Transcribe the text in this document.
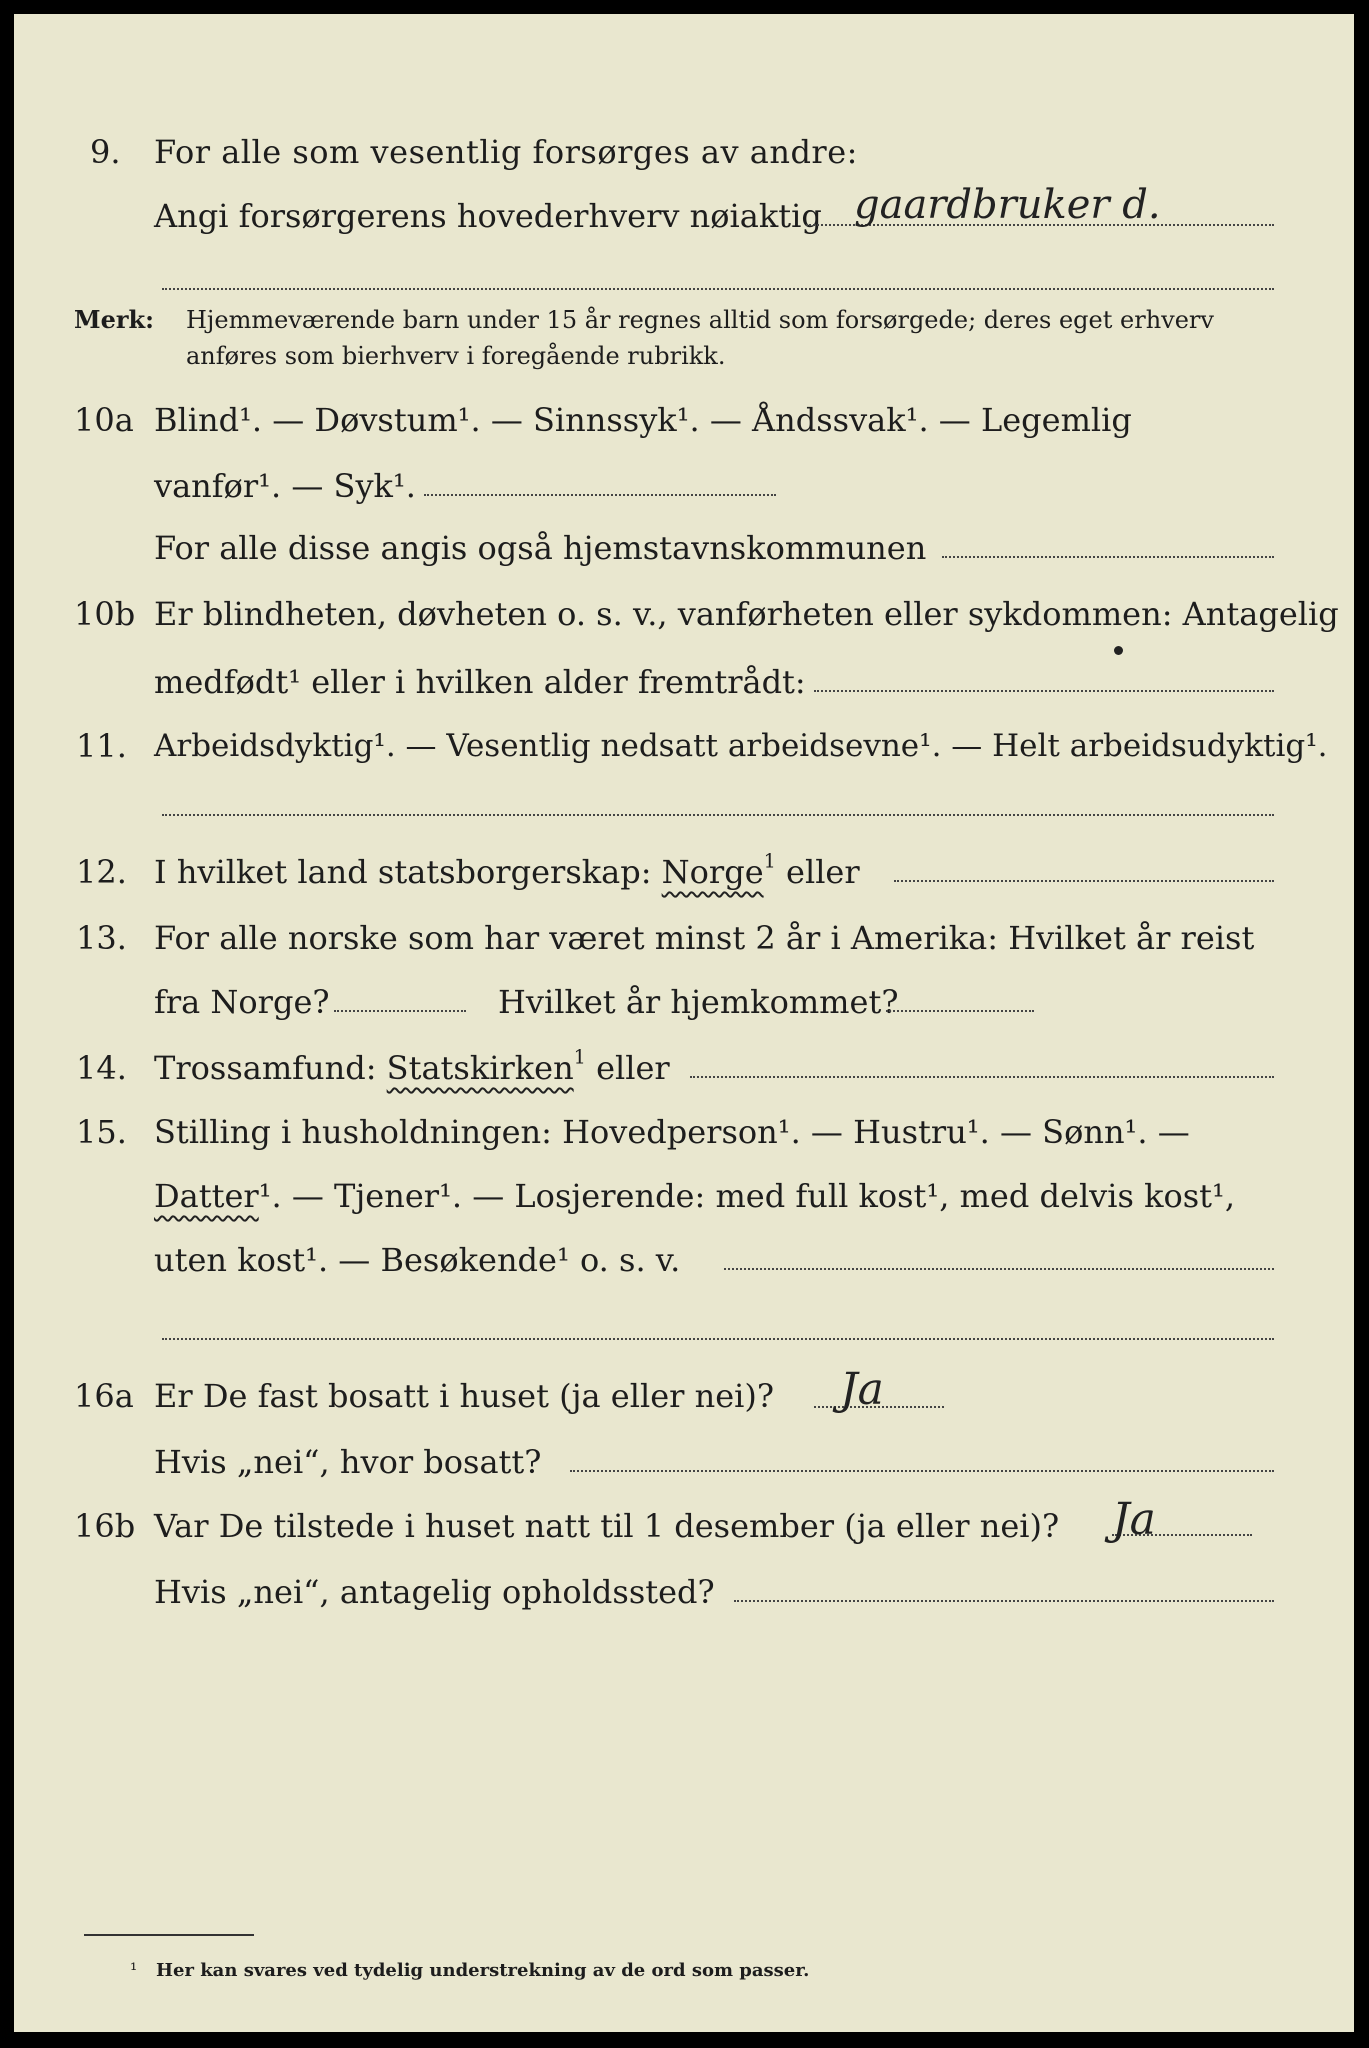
9. For alle som vesentlig forsørges av andre:
Angi forsørgerens hovederhverv nøiaktig gaardbruker d.
Merk: Hjemmeværende barn under 15 år regnes alltid som forsørgede; deres eget erhverv
anføres som bierhverv i foregående rubrikk.
10a Blind¹. — Døvstum¹. — Sinnssyk¹. — Åndssvak¹. — Legemlig
vanfør¹. — Syk¹.
For alle disse angis også hjemstavnskommunen
10b Er blindheten, døvheten o. s. v., vanførheten eller sykdommen: Antagelig
medfødt¹ eller i hvilken alder fremtrådt:
11. Arbeidsdyktig¹. — Vesentlig nedsatt arbeidsevne¹. — Helt arbeidsudyktig¹.
12. I hvilket land statsborgerskap: Norge$^1$ eller
13. For alle norske som har været minst 2 år i Amerika: Hvilket år reist
fra Norge?	Hvilket år hjemkommet?
14. Trossamfund: Statskirken$^1$ eller
15. Stilling i husholdningen: Hovedperson¹. — Hustru¹. — Sønn¹. —
Datter¹. — Tjener¹. — Losjerende: med full kost¹, med delvis kost¹,
uten kost¹. — Besøkende¹ o. s. v.
16a Er De fast bosatt i huset (ja eller nei)? Ja
Hvis „nei“, hvor bosatt?
16b Var De tilstede i huset natt til 1 desember (ja eller nei)? Ja
Hvis „nei“, antagelig opholdssted?
¹ Her kan svares ved tydelig understrekning av de ord som passer.
